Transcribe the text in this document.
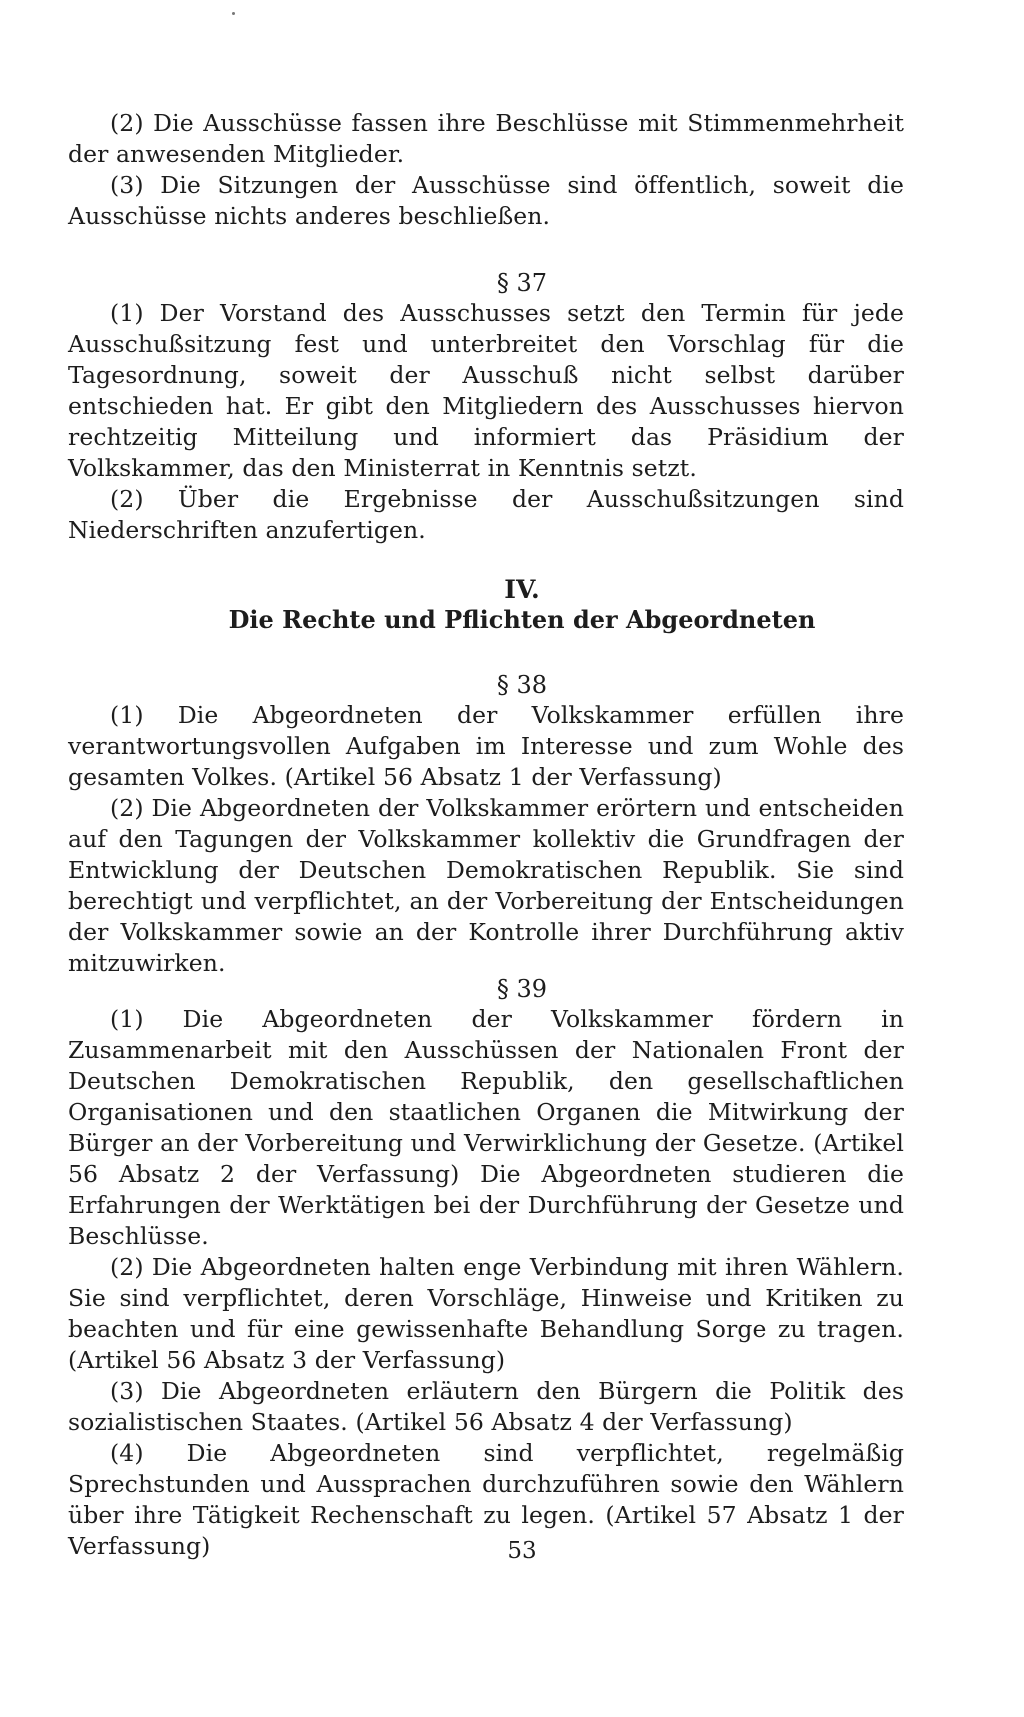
(2) Die Ausschüsse fassen ihre Beschlüsse mit Stimmenmehrheit der anwesenden Mitglieder.

(3) Die Sitzungen der Ausschüsse sind öffentlich, soweit die Ausschüsse nichts anderes beschließen.

§ 37

(1) Der Vorstand des Ausschusses setzt den Termin für jede Ausschußsitzung fest und unterbreitet den Vorschlag für die Tagesordnung, soweit der Ausschuß nicht selbst darüber entschieden hat. Er gibt den Mitgliedern des Ausschusses hiervon rechtzeitig Mitteilung und informiert das Präsidium der Volkskammer, das den Ministerrat in Kenntnis setzt.

(2) Über die Ergebnisse der Ausschußsitzungen sind Niederschriften anzufertigen.

IV.
Die Rechte und Pflichten der Abgeordneten
§ 38

(1) Die Abgeordneten der Volkskammer erfüllen ihre verantwortungsvollen Aufgaben im Interesse und zum Wohle des gesamten Volkes. (Artikel 56 Absatz 1 der Verfassung)

(2) Die Abgeordneten der Volkskammer erörtern und entscheiden auf den Tagungen der Volkskammer kollektiv die Grundfragen der Entwicklung der Deutschen Demokratischen Republik. Sie sind berechtigt und verpflichtet, an der Vorbereitung der Entscheidungen der Volkskammer sowie an der Kontrolle ihrer Durchführung aktiv mitzuwirken.

§ 39

(1) Die Abgeordneten der Volkskammer fördern in Zusammenarbeit mit den Ausschüssen der Nationalen Front der Deutschen Demokratischen Republik, den gesellschaftlichen Organisationen und den staatlichen Organen die Mitwirkung der Bürger an der Vorbereitung und Verwirklichung der Gesetze. (Artikel 56 Absatz 2 der Verfassung) Die Abgeordneten studieren die Erfahrungen der Werktätigen bei der Durchführung der Gesetze und Beschlüsse.

(2) Die Abgeordneten halten enge Verbindung mit ihren Wählern. Sie sind verpflichtet, deren Vorschläge, Hinweise und Kritiken zu beachten und für eine gewissenhafte Behandlung Sorge zu tragen. (Artikel 56 Absatz 3 der Verfassung)

(3) Die Abgeordneten erläutern den Bürgern die Politik des sozialistischen Staates. (Artikel 56 Absatz 4 der Verfassung)

(4) Die Abgeordneten sind verpflichtet, regelmäßig Sprechstunden und Aussprachen durchzuführen sowie den Wählern über ihre Tätigkeit Rechenschaft zu legen. (Artikel 57 Absatz 1 der Verfassung)	53
